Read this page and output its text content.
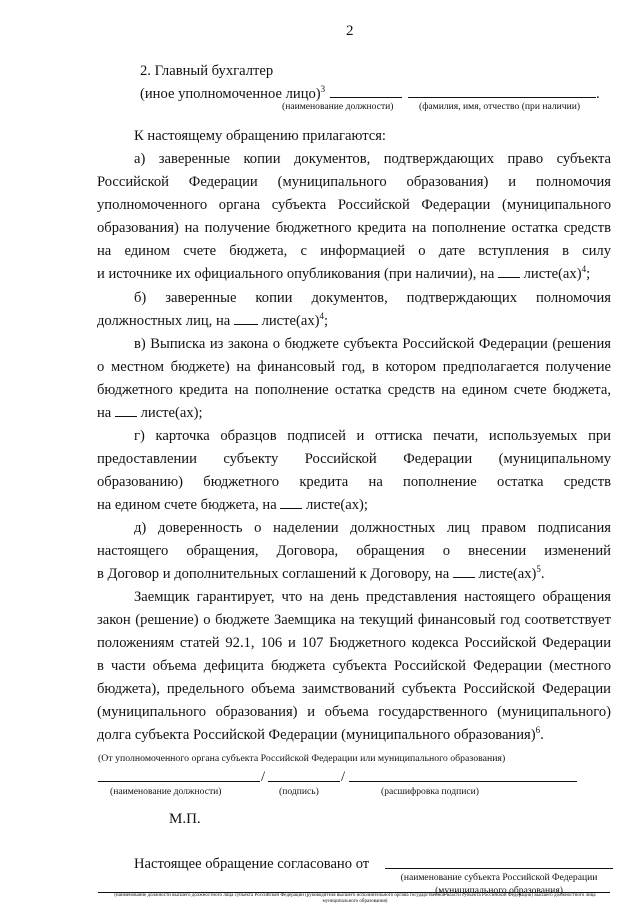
2
2. Главный бухгалтер
(иное уполномоченное лицо)$^3$	.
(наименование должности)	(фамилия, имя, отчество (при наличии)
К настоящему обращению прилагаются:
а) заверенные копии документов, подтверждающих право субъекта
Российской Федерации (муниципального образования) и полномочия
уполномоченного органа субъекта Российской Федерации (муниципального
образования) на получение бюджетного кредита на пополнение остатка средств
на едином счете бюджета, с информацией о дате вступления в силу
и источнике их официального опубликования (при наличии), на листе(ах)$^4$;
б) заверенные копии документов, подтверждающих полномочия
должностных лиц, на листе(ах)$^4$;
в) Выписка из закона о бюджете субъекта Российской Федерации (решения
о местном бюджете) на финансовый год, в котором предполагается получение
бюджетного кредита на пополнение остатка средств на едином счете бюджета,
на листе(ах);
г) карточка образцов подписей и оттиска печати, используемых при
предоставлении субъекту Российской Федерации (муниципальному
образованию) бюджетного кредита на пополнение остатка средств
на едином счете бюджета, на листе(ах);
д) доверенность о наделении должностных лиц правом подписания
настоящего обращения, Договора, обращения о внесении изменений
в Договор и дополнительных соглашений к Договору, на листе(ах)$^5$.
Заемщик гарантирует, что на день представления настоящего обращения
закон (решение) о бюджете Заемщика на текущий финансовый год соответствует
положениям статей 92.1, 106 и 107 Бюджетного кодекса Российской Федерации
в части объема дефицита бюджета субъекта Российской Федерации (местного
бюджета), предельного объема заимствований субъекта Российской Федерации
(муниципального образования) и объема государственного (муниципального)
долга субъекта Российской Федерации (муниципального образования)$^6$.
(От уполномоченного органа субъекта Российской Федерации или муниципального образования)
/	/
(наименование должности)	(подпись)	(расшифровка подписи)
М.П.
Настоящее обращение согласовано от
(наименование субъекта Российской Федерации
(муниципального образования)
(наименование должности высшего должностного лица субъекта Российской Федерации (руководителя высшего исполнительного органа государственной власти субъекта Российской Федерации) высшего должностного лица муниципального образования)
